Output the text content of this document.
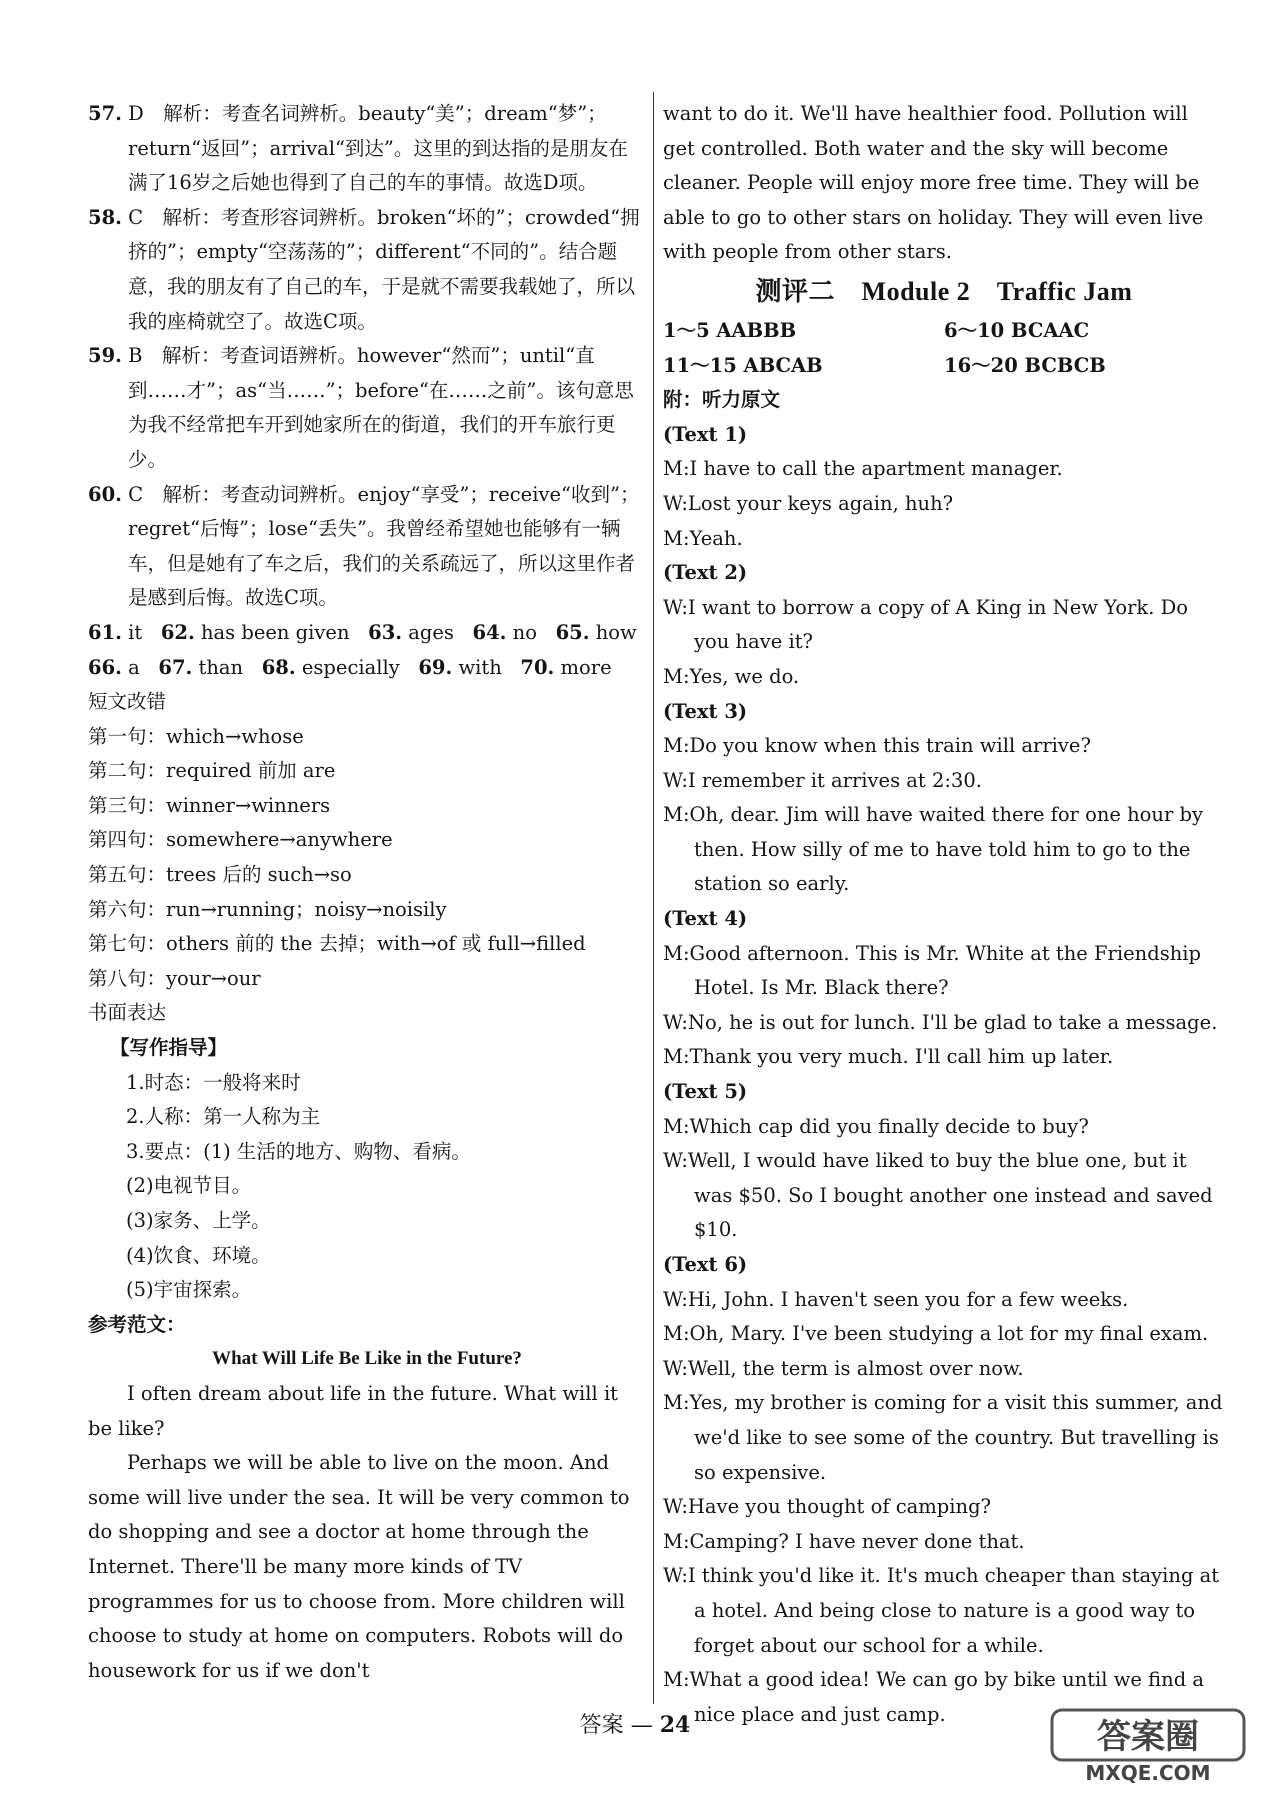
57. D　解析：考查名词辨析。beauty“美”；dream“梦”；return“返回”；arrival“到达”。这里的到达指的是朋友在满了16岁之后她也得到了自己的车的事情。故选D项。

58. C　解析：考查形容词辨析。broken“坏的”；crowded“拥挤的”；empty“空荡荡的”；different“不同的”。结合题意，我的朋友有了自己的车，于是就不需要我载她了，所以我的座椅就空了。故选C项。

59. B　解析：考查词语辨析。however“然而”；until“直到……才”；as“当……”；before“在……之前”。该句意思为我不经常把车开到她家所在的街道，我们的开车旅行更少。

60. C　解析：考查动词辨析。enjoy“享受”；receive“收到”；regret“后悔”；lose“丢失”。我曾经希望她也能够有一辆车，但是她有了车之后，我们的关系疏远了，所以这里作者是感到后悔。故选C项。

61. it 62. has been given 63. ages 64. no 65. how

66. a 67. than 68. especially 69. with 70. more

短文改错

第一句：which→whose

第二句：required 前加 are

第三句：winner→winners

第四句：somewhere→anywhere

第五句：trees 后的 such→so

第六句：run→running；noisy→noisily

第七句：others 前的 the 去掉；with→of 或 full→filled

第八句：your→our

书面表达

【写作指导】

1.时态：一般将来时

2.人称：第一人称为主

3.要点：(1) 生活的地方、购物、看病。

(2)电视节目。

(3)家务、上学。

(4)饮食、环境。

(5)宇宙探索。

参考范文：

What Will Life Be Like in the Future?

I often dream about life in the future. What will it be like?

Perhaps we will be able to live on the moon. And some will live under the sea. It will be very common to do shopping and see a doctor at home through the Internet. There'll be many more kinds of TV programmes for us to choose from. More children will choose to study at home on computers. Robots will do housework for us if we don't

want to do it. We'll have healthier food. Pollution will get controlled. Both water and the sky will become cleaner. People will enjoy more free time. They will be able to go to other stars on holiday. They will even live with people from other stars.

测评二　Module 2　Traffic Jam

1～5 AABBB	6～10 BCAAC
11～15 ABCAB	16～20 BCBCB

附：听力原文

(Text 1)

M:I have to call the apartment manager.

W:Lost your keys again, huh?

M:Yeah.

(Text 2)

W:I want to borrow a copy of A King in New York. Do you have it?

M:Yes, we do.

(Text 3)

M:Do you know when this train will arrive?

W:I remember it arrives at 2:30.

M:Oh, dear. Jim will have waited there for one hour by then. How silly of me to have told him to go to the station so early.

(Text 4)

M:Good afternoon. This is Mr. White at the Friendship Hotel. Is Mr. Black there?

W:No, he is out for lunch. I'll be glad to take a message.

M:Thank you very much. I'll call him up later.

(Text 5)

M:Which cap did you finally decide to buy?

W:Well, I would have liked to buy the blue one, but it was $50. So I bought another one instead and saved $10.

(Text 6)

W:Hi, John. I haven't seen you for a few weeks.

M:Oh, Mary. I've been studying a lot for my final exam.

W:Well, the term is almost over now.

M:Yes, my brother is coming for a visit this summer, and we'd like to see some of the country. But travelling is so expensive.

W:Have you thought of camping?

M:Camping? I have never done that.

W:I think you'd like it. It's much cheaper than staying at a hotel. And being close to nature is a good way to forget about our school for a while.

M:What a good idea! We can go by bike until we find a nice place and just camp.

答案 — 24	答案圈
MXQE.COM
